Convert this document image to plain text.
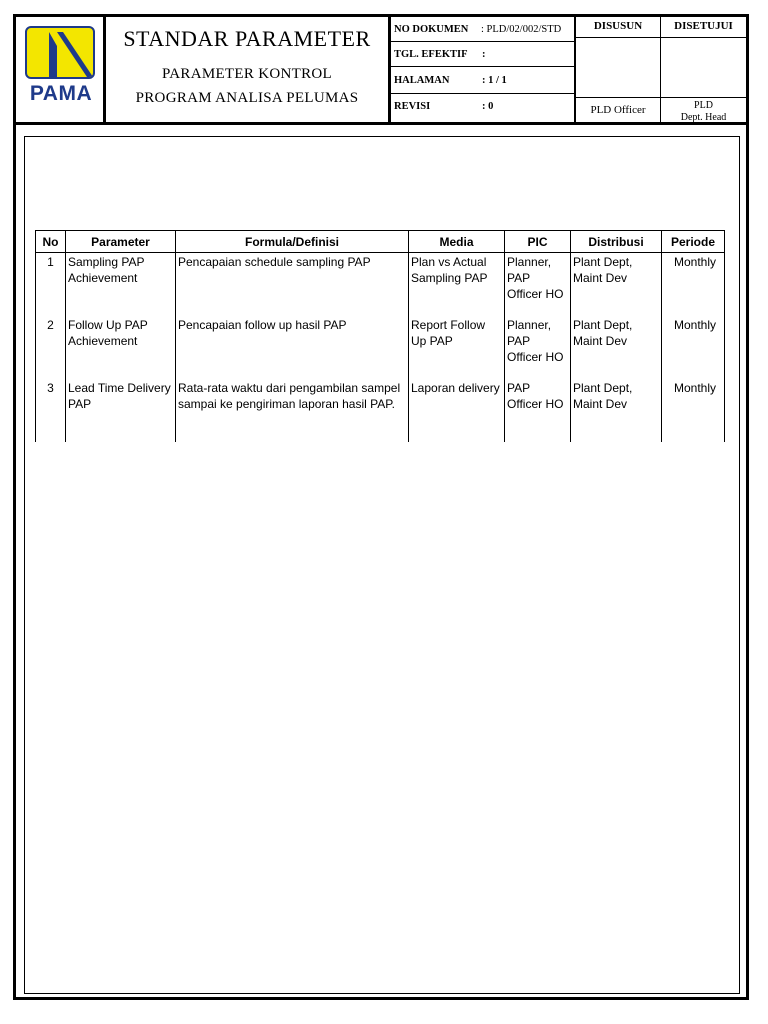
PAMA
STANDAR PARAMETER
PARAMETER KONTROL
PROGRAM ANALISA PELUMAS
NO DOKUMEN : PLD/02/002/STD
TGL. EFEKTIF :
HALAMAN	: 1 / 1
REVISI	: 0
DISUSUN	DISETUJUI
PLD Officer	PLD
Dept. Head
No	Parameter	Formula/Definisi	Media	PIC	Distribusi	Periode
1	Sampling PAP Achievement	Pencapaian schedule sampling PAP	Plan vs Actual Sampling PAP	Planner, PAP Officer HO	Plant Dept, Maint Dev	Monthly
2	Follow Up PAP Achievement	Pencapaian follow up hasil PAP	Report Follow Up PAP	Planner, PAP Officer HO	Plant Dept, Maint Dev	Monthly
3	Lead Time Delivery PAP	Rata-rata waktu dari pengambilan sampel sampai ke pengiriman laporan hasil PAP.	Laporan delivery	PAP Officer HO	Plant Dept, Maint Dev	Monthly
